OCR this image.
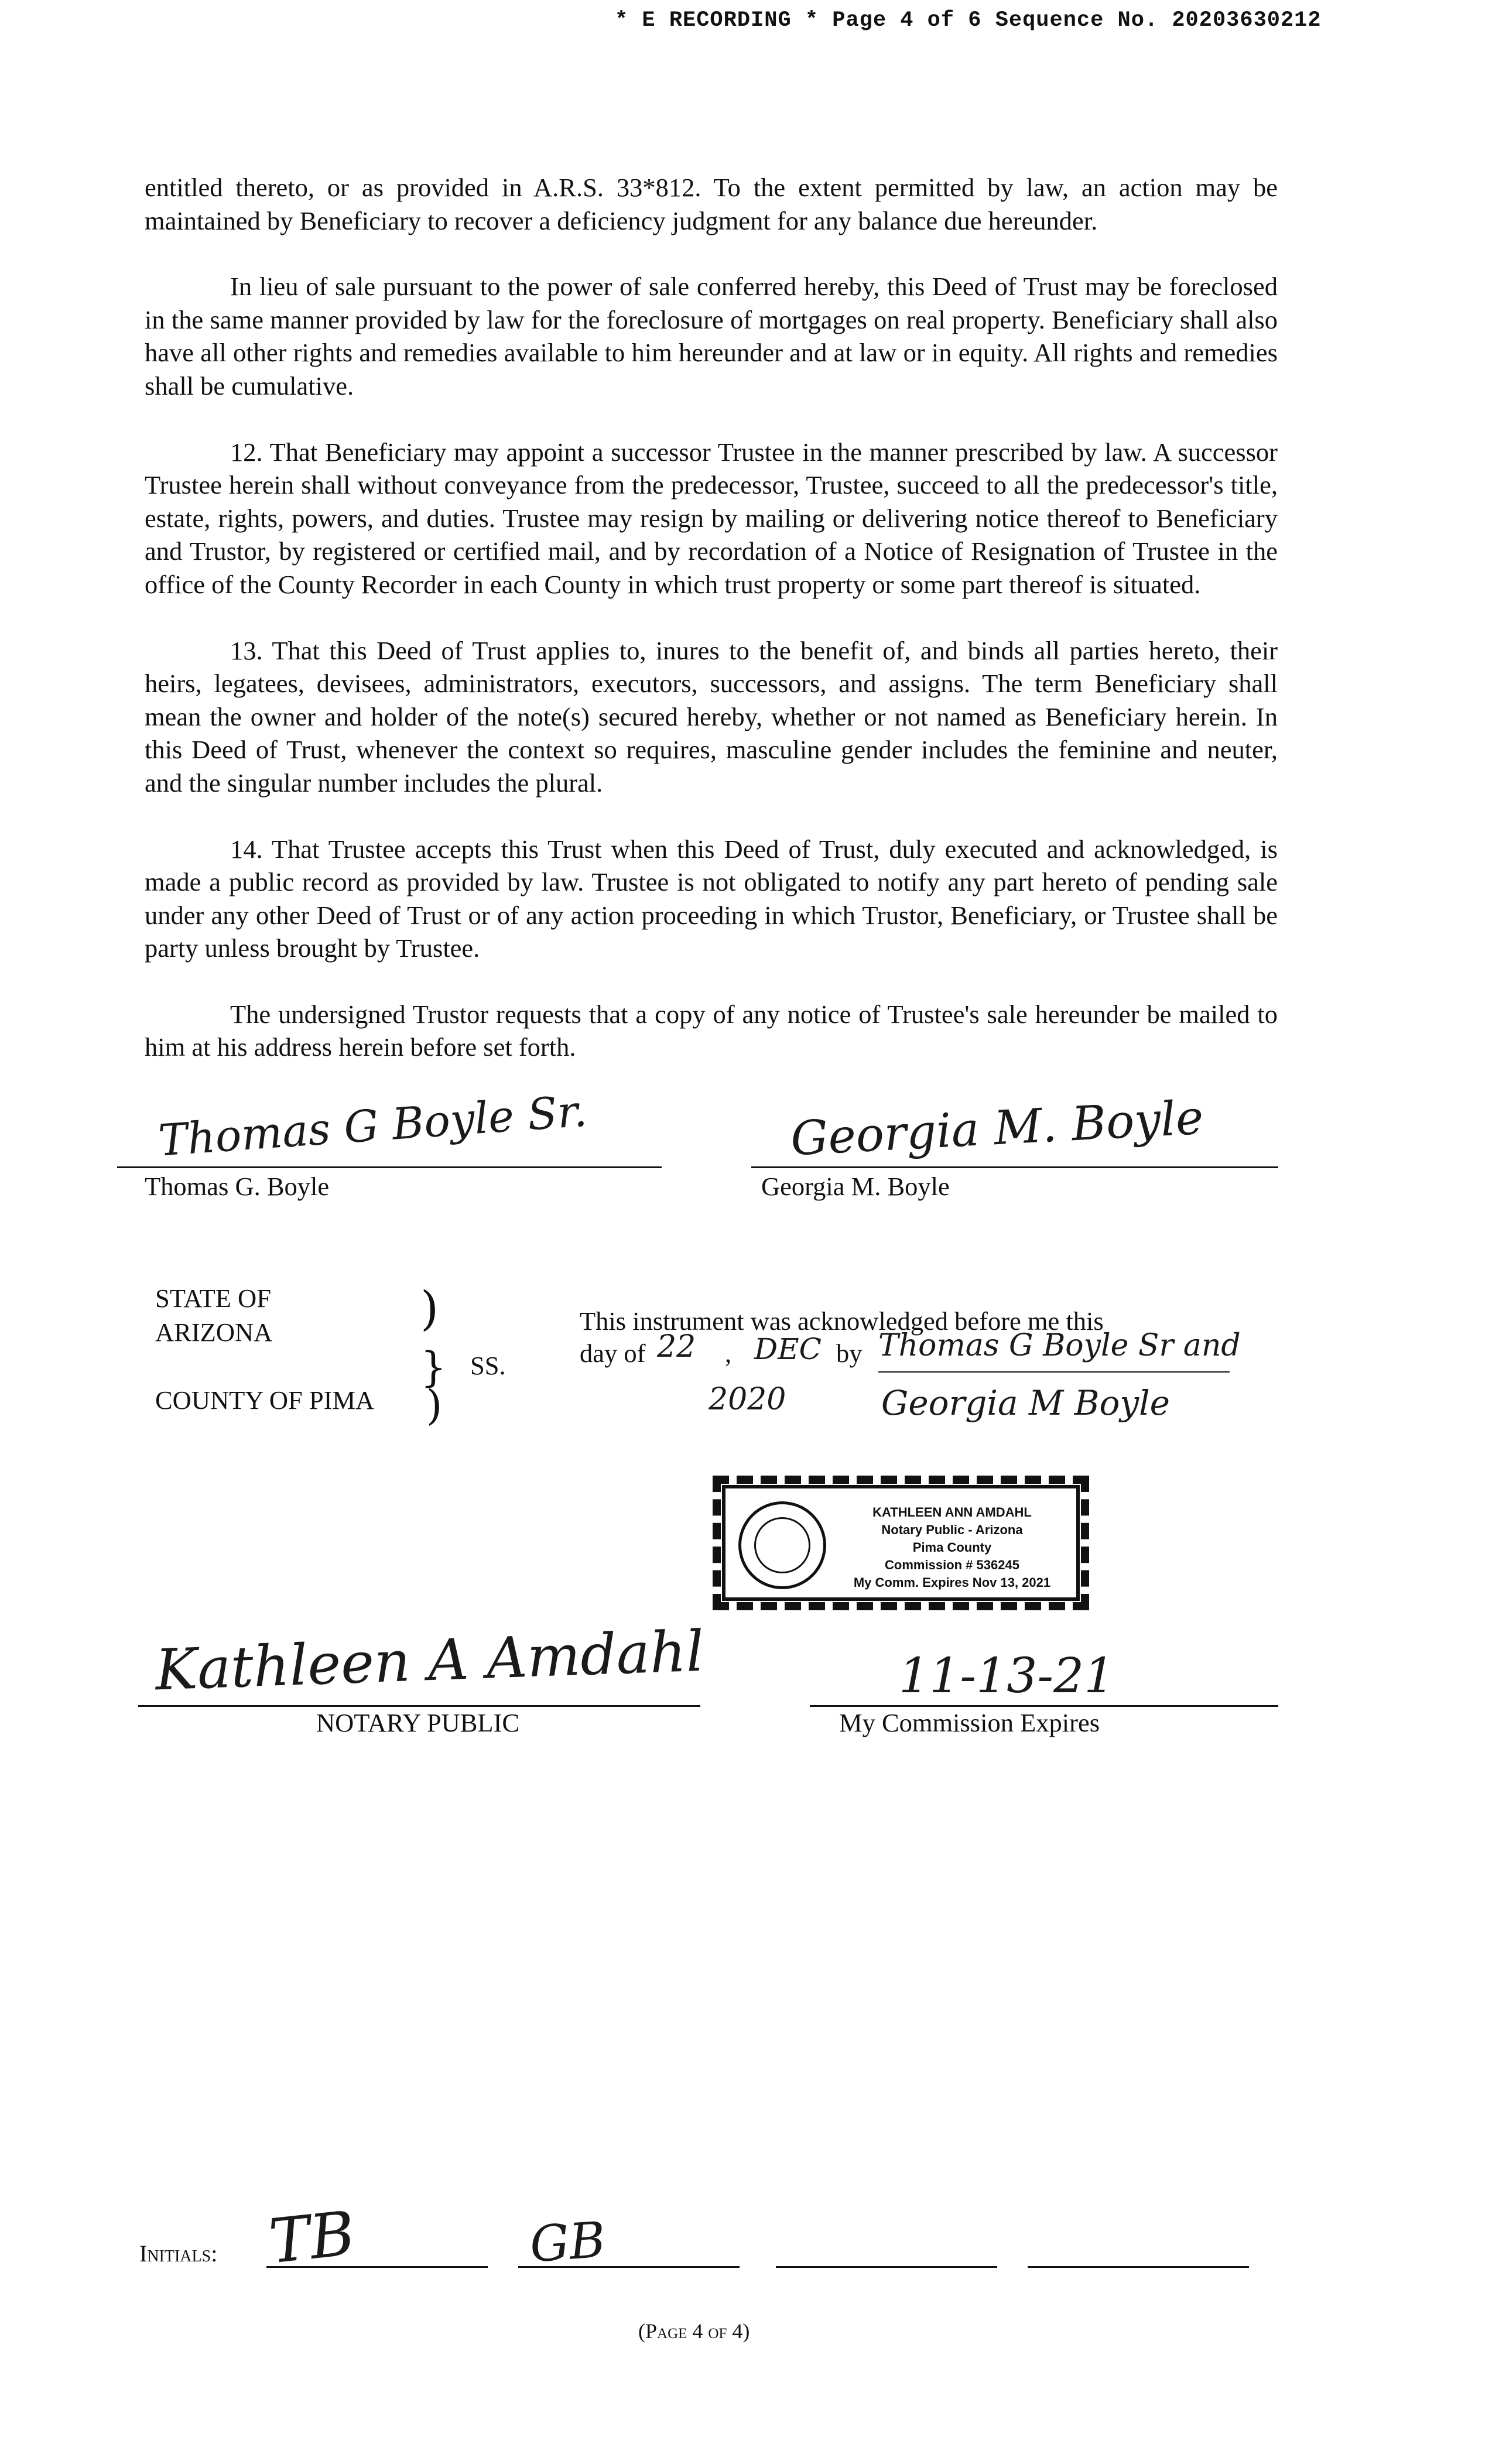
* E RECORDING * Page 4 of 6 Sequence No. 20203630212

entitled thereto, or as provided in A.R.S. 33*812. To the extent permitted by law, an action may be maintained by Beneficiary to recover a deficiency judgment for any balance due hereunder.

In lieu of sale pursuant to the power of sale conferred hereby, this Deed of Trust may be foreclosed in the same manner provided by law for the foreclosure of mortgages on real property. Beneficiary shall also have all other rights and remedies available to him hereunder and at law or in equity. All rights and remedies shall be cumulative.

12. That Beneficiary may appoint a successor Trustee in the manner prescribed by law. A successor Trustee herein shall without conveyance from the predecessor, Trustee, succeed to all the predecessor's title, estate, rights, powers, and duties. Trustee may resign by mailing or delivering notice thereof to Beneficiary and Trustor, by registered or certified mail, and by recordation of a Notice of Resignation of Trustee in the office of the County Recorder in each County in which trust property or some part thereof is situated.

13. That this Deed of Trust applies to, inures to the benefit of, and binds all parties hereto, their heirs, legatees, devisees, administrators, executors, successors, and assigns. The term Beneficiary shall mean the owner and holder of the note(s) secured hereby, whether or not named as Beneficiary herein. In this Deed of Trust, whenever the context so requires, masculine gender includes the feminine and neuter, and the singular number includes the plural.

14. That Trustee accepts this Trust when this Deed of Trust, duly executed and acknowledged, is made a public record as provided by law. Trustee is not obligated to notify any part hereto of pending sale under any other Deed of Trust or of any action proceeding in which Trustor, Beneficiary, or Trustee shall be party unless brought by Trustee.

The undersigned Trustor requests that a copy of any notice of Trustee's sale hereunder be mailed to him at his address herein before set forth.

Thomas G Boyle Sr.
Thomas G. Boyle
Georgia M. Boyle
Georgia M. Boyle
STATE OF ARIZONA
COUNTY OF PIMA
)
}
)
SS.
This instrument was acknowledged before me this
day of 22 , DEC by Thomas G Boyle Sr and
2020	Georgia M Boyle
KATHLEEN ANN AMDAHL
Notary Public - Arizona
Pima County
Commission # 536245
My Comm. Expires Nov 13, 2021
Kathleen A Amdahl
NOTARY PUBLIC
11-13-21
My Commission Expires
Initials: TB	GB
(Page 4 of 4)
